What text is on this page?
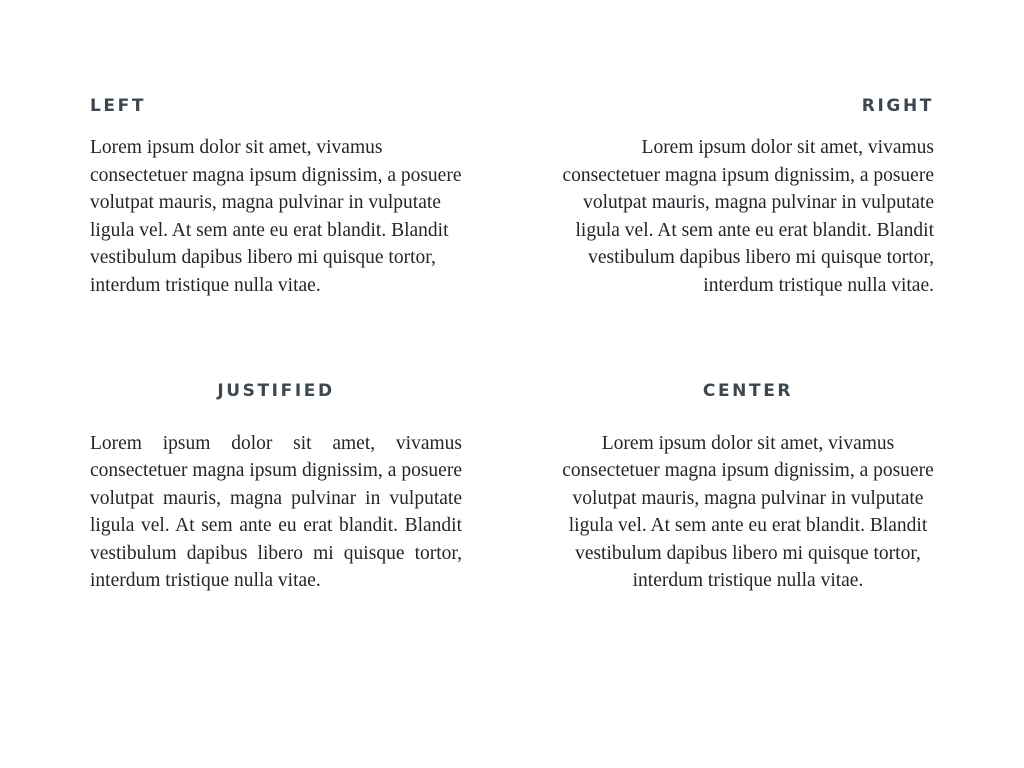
LEFT

Lorem ipsum dolor sit amet, vivamus consectetuer magna ipsum dignissim, a posuere volutpat mauris, magna pulvinar in vulputate ligula vel. At sem ante eu erat blandit. Blandit vestibulum dapibus libero mi quisque tortor, interdum tristique nulla vitae.

RIGHT

Lorem ipsum dolor sit amet, vivamus consectetuer magna ipsum dignissim, a posuere volutpat mauris, magna pulvinar in vulputate ligula vel. At sem ante eu erat blandit. Blandit vestibulum dapibus libero mi quisque tortor, interdum tristique nulla vitae.

JUSTIFIED

Lorem ipsum dolor sit amet, vivamus consectetuer magna ipsum dignissim, a posuere volutpat mauris, magna pulvinar in vulputate ligula vel. At sem ante eu erat blandit. Blandit vestibulum dapibus libero mi quisque tortor, interdum tristique nulla vitae.

CENTER

Lorem ipsum dolor sit amet, vivamus consectetuer magna ipsum dignissim, a posuere volutpat mauris, magna pulvinar in vulputate ligula vel. At sem ante eu erat blandit. Blandit vestibulum dapibus libero mi quisque tortor, interdum tristique nulla vitae.
